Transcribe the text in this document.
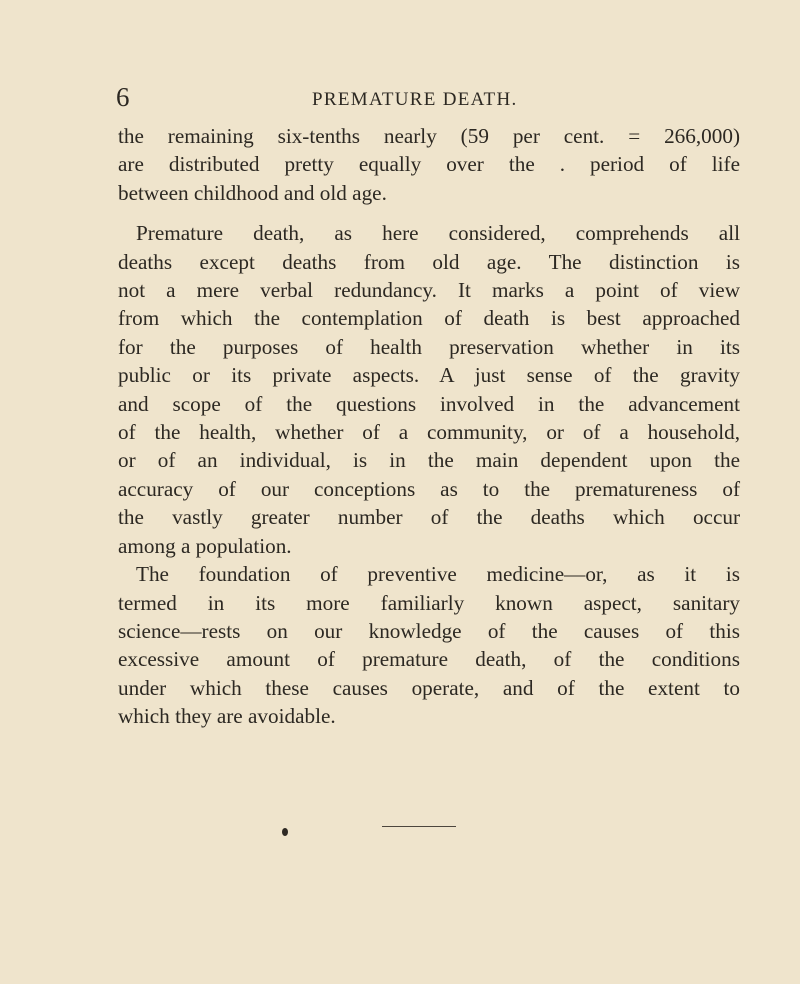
6	PREMATURE DEATH.
the remaining six-tenths nearly (59 per cent. = 266,000)
are distributed pretty equally over the . period of life
between childhood and old age.
Premature death, as here considered, comprehends all
deaths except deaths from old age. The distinction is
not a mere verbal redundancy. It marks a point of view
from which the contemplation of death is best approached
for the purposes of health preservation whether in its
public or its private aspects. A just sense of the gravity
and scope of the questions involved in the advancement
of the health, whether of a community, or of a household,
or of an individual, is in the main dependent upon the
accuracy of our conceptions as to the prematureness of
the vastly greater number of the deaths which occur
among a population.
The foundation of preventive medicine—or, as it is
termed in its more familiarly known aspect, sanitary
science—rests on our knowledge of the causes of this
excessive amount of premature death, of the conditions
under which these causes operate, and of the extent to
which they are avoidable.
